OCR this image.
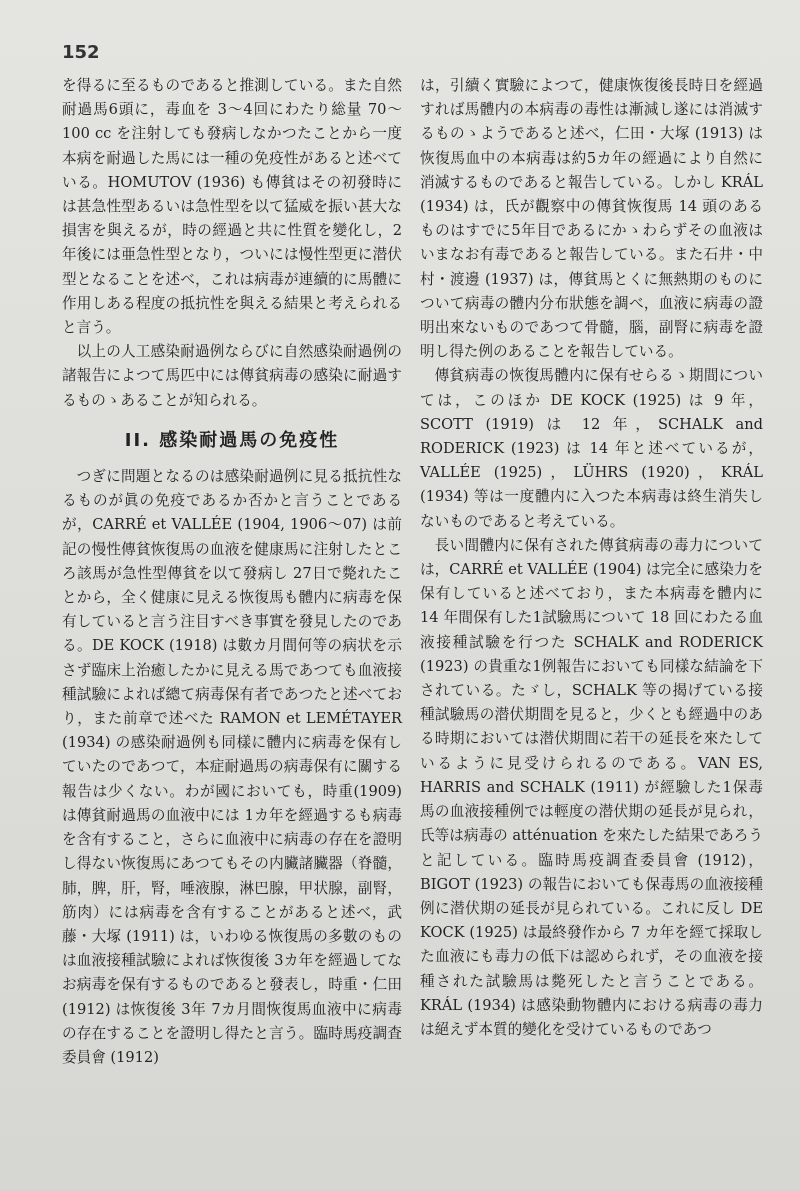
152

を得るに至るものであると推測している。また自然耐過馬6頭に，毒血を 3〜4回にわたり総量 70〜100 cc を注射しても發病しなかつたことから一度本病を耐過した馬には一種の免疫性があると述べている。HOMUTOV (1936) も傳貧はその初發時には甚急性型あるいは急性型を以て猛威を振い甚大な損害を與えるが，時の經過と共に性質を變化し，2年後には亜急性型となり，ついには慢性型更に潜伏型となることを述べ，これは病毒が連續的に馬體に作用しある程度の抵抗性を與える結果と考えられると言う。

以上の人工感染耐過例ならびに自然感染耐過例の諸報告によつて馬匹中には傳貧病毒の感染に耐過するものゝあることが知られる。

II. 感染耐過馬の免疫性

つぎに問題となるのは感染耐過例に見る抵抗性なるものが眞の免疫であるか否かと言うことであるが，CARRÉ et VALLÉE (1904, 1906〜07) は前記の慢性傳貧恢復馬の血液を健康馬に注射したところ該馬が急性型傳貧を以て發病し 27日で斃れたことから，全く健康に見える恢復馬も體内に病毒を保有していると言う注目すべき事實を發見したのである。DE KOCK (1918) は數カ月間何等の病状を示さず臨床上治癒したかに見える馬であつても血液接種試驗によれば總て病毒保有者であつたと述べており，また前章で述べた RAMON et LEMÉTAYER (1934) の感染耐過例も同樣に體内に病毒を保有していたのであつて，本症耐過馬の病毒保有に關する報告は少くない。わが國においても，時重(1909) は傳貧耐過馬の血液中には 1カ年を經過するも病毒を含有すること，さらに血液中に病毒の存在を證明し得ない恢復馬にあつてもその内臟諸臟器（脊髓，肺，脾，肝，腎，唾液腺，淋巴腺，甲状腺，副腎，筋肉）には病毒を含有することがあると述べ，武藤・大塚 (1911) は，いわゆる恢復馬の多數のものは血液接種試驗によれば恢復後 3カ年を經過してなお病毒を保有するものであると發表し，時重・仁田 (1912) は恢復後 3年 7カ月間恢復馬血液中に病毒の存在することを證明し得たと言う。臨時馬疫調査委員會 (1912)

は，引續く實驗によつて，健康恢復後長時日を經過すれば馬體内の本病毒の毒性は漸減し遂には消滅するものゝようであると述べ，仁田・大塚 (1913) は恢復馬血中の本病毒は約5カ年の經過により自然に消滅するものであると報告している。しかし KRÁL (1934) は，氏が觀察中の傳貧恢復馬 14 頭のあるものはすでに5年目であるにかゝわらずその血液はいまなお有毒であると報告している。また石井・中村・渡邊 (1937) は，傳貧馬とくに無熱期のものについて病毒の體内分布狀態を調べ，血液に病毒の證明出來ないものであつて骨髓，腦，副腎に病毒を證明し得た例のあることを報告している。

傳貧病毒の恢復馬體内に保有せらるゝ期間については，このほか DE KOCK (1925) は 9 年，SCOTT (1919) は 12 年，SCHALK and RODERICK (1923) は 14 年と述べているが，VALLÉE (1925)，LÜHRS (1920)，KRÁL (1934) 等は一度體内に入つた本病毒は終生消失しないものであると考えている。

長い間體内に保有された傳貧病毒の毒力については，CARRÉ et VALLÉE (1904) は完全に感染力を保有していると述べており，また本病毒を體内に 14 年間保有した1試驗馬について 18 回にわたる血液接種試驗を行つた SCHALK and RODERICK (1923) の貴重な1例報告においても同樣な結論を下されている。たゞし，SCHALK 等の揭げている接種試驗馬の潜伏期間を見ると，少くとも經過中のある時期においては潜伏期間に若干の延長を來たしているように見受けられるのである。VAN ES, HARRIS and SCHALK (1911) が經驗した1保毒馬の血液接種例では輕度の潜伏期の延長が見られ，氏等は病毒の atténuation を來たした結果であろうと記している。臨時馬疫調査委員會 (1912)，BIGOT (1923) の報告においても保毒馬の血液接種例に潜伏期の延長が見られている。これに反し DE KOCK (1925) は最終發作から 7 カ年を經て採取した血液にも毒力の低下は認められず，その血液を接種された試驗馬は斃死したと言うことである。KRÁL (1934) は感染動物體内における病毒の毒力は絕えず本質的變化を受けているものであつ
